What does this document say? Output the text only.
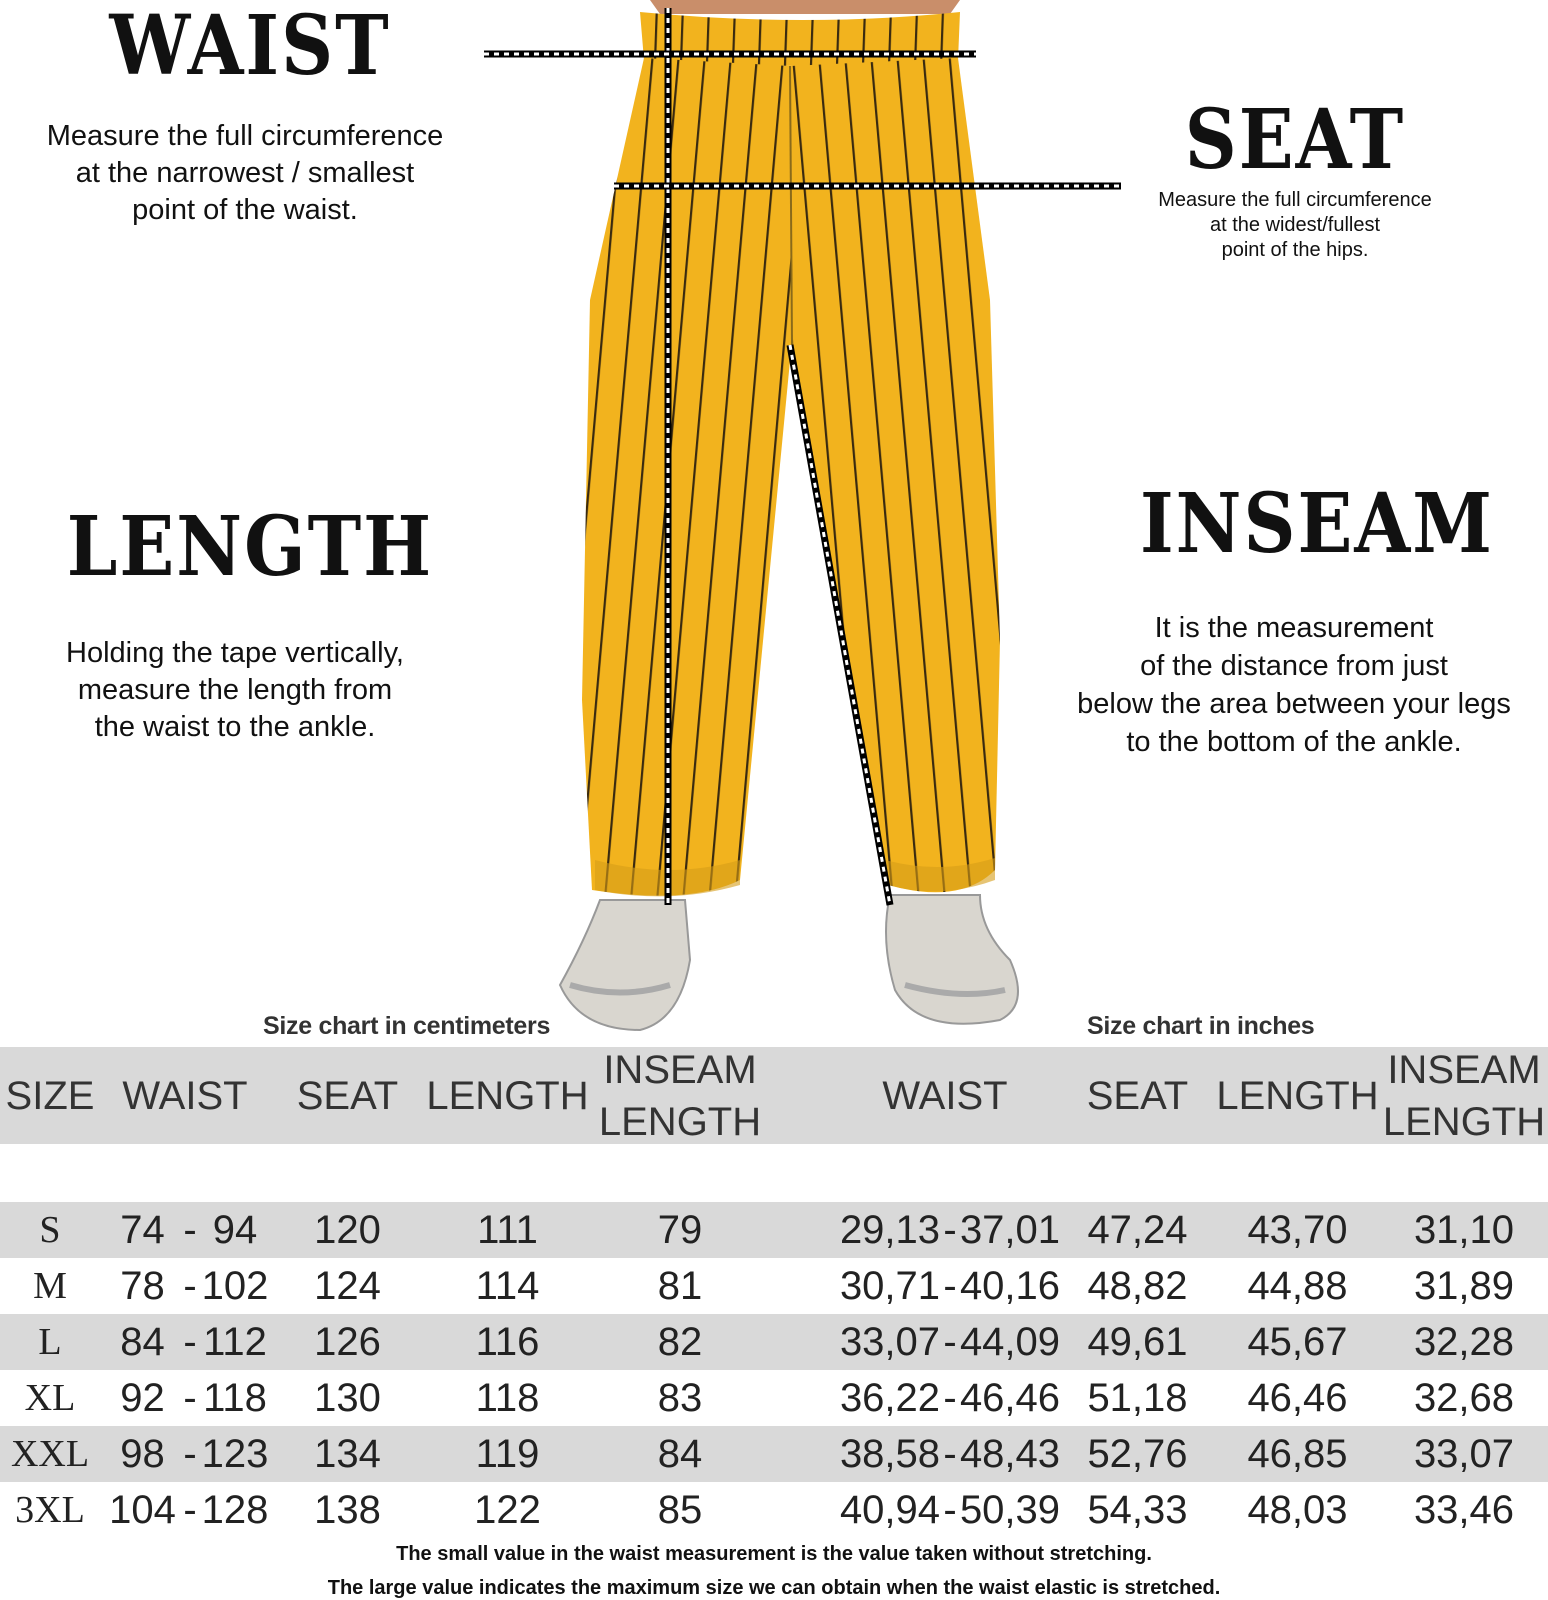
WAIST
Measure the full circumference
at the narrowest / smallest
point of the waist.
SEAT
Measure the full circumference
at the widest/fullest
point of the hips.
LENGTH
Holding the tape vertically,
measure the length from
the waist to the ankle.
INSEAM
It is the measurement
of the distance from just
below the area between your legs
to the bottom of the ankle.
Size chart in centimeters	Size chart in inches
SIZE WAIST	SEAT LENGTH
INSEAM
LENGTH
WAIST	SEAT LENGTH
INSEAM
LENGTH
S	74 - 94	120	111	79	29,13 - 37,01 47,24	43,70	31,10
M	78 - 102	124	114	81	30,71 - 40,16 48,82	44,88	31,89
L	84 - 112	126	116	82	33,07 - 44,09 49,61	45,67	32,28
XL	92 - 118	130	118	83	36,22 - 46,46 51,18	46,46	32,68
XXL 98 - 123	134	119	84	38,58 - 48,43 52,76	46,85	33,07
3XL 104 - 128	138	122	85	40,94 - 50,39 54,33	48,03	33,46
The small value in the waist measurement is the value taken without stretching.
The large value indicates the maximum size we can obtain when the waist elastic is stretched.
